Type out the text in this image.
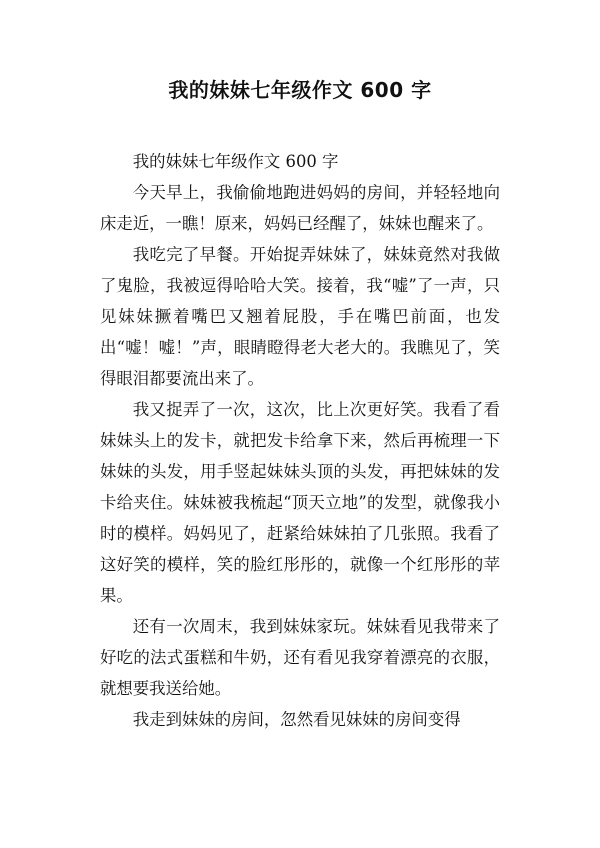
我的妹妹七年级作文 600 字

我的妹妹七年级作文 600 字

今天早上，我偷偷地跑进妈妈的房间，并轻轻地向床走近，一瞧！原来，妈妈已经醒了，妹妹也醒来了。

我吃完了早餐。开始捉弄妹妹了，妹妹竟然对我做了鬼脸，我被逗得哈哈大笑。接着，我“嘘”了一声，只见妹妹撅着嘴巴又翘着屁股，手在嘴巴前面，也发出“嘘！嘘！”声，眼睛瞪得老大老大的。我瞧见了，笑得眼泪都要流出来了。

我又捉弄了一次，这次，比上次更好笑。我看了看妹妹头上的发卡，就把发卡给拿下来，然后再梳理一下妹妹的头发，用手竖起妹妹头顶的头发，再把妹妹的发卡给夹住。妹妹被我梳起“顶天立地”的发型，就像我小时的模样。妈妈见了，赶紧给妹妹拍了几张照。我看了这好笑的模样，笑的脸红彤彤的，就像一个红彤彤的苹果。

还有一次周末，我到妹妹家玩。妹妹看见我带来了好吃的法式蛋糕和牛奶，还有看见我穿着漂亮的衣服，就想要我送给她。

我走到妹妹的房间，忽然看见妹妹的房间变得
